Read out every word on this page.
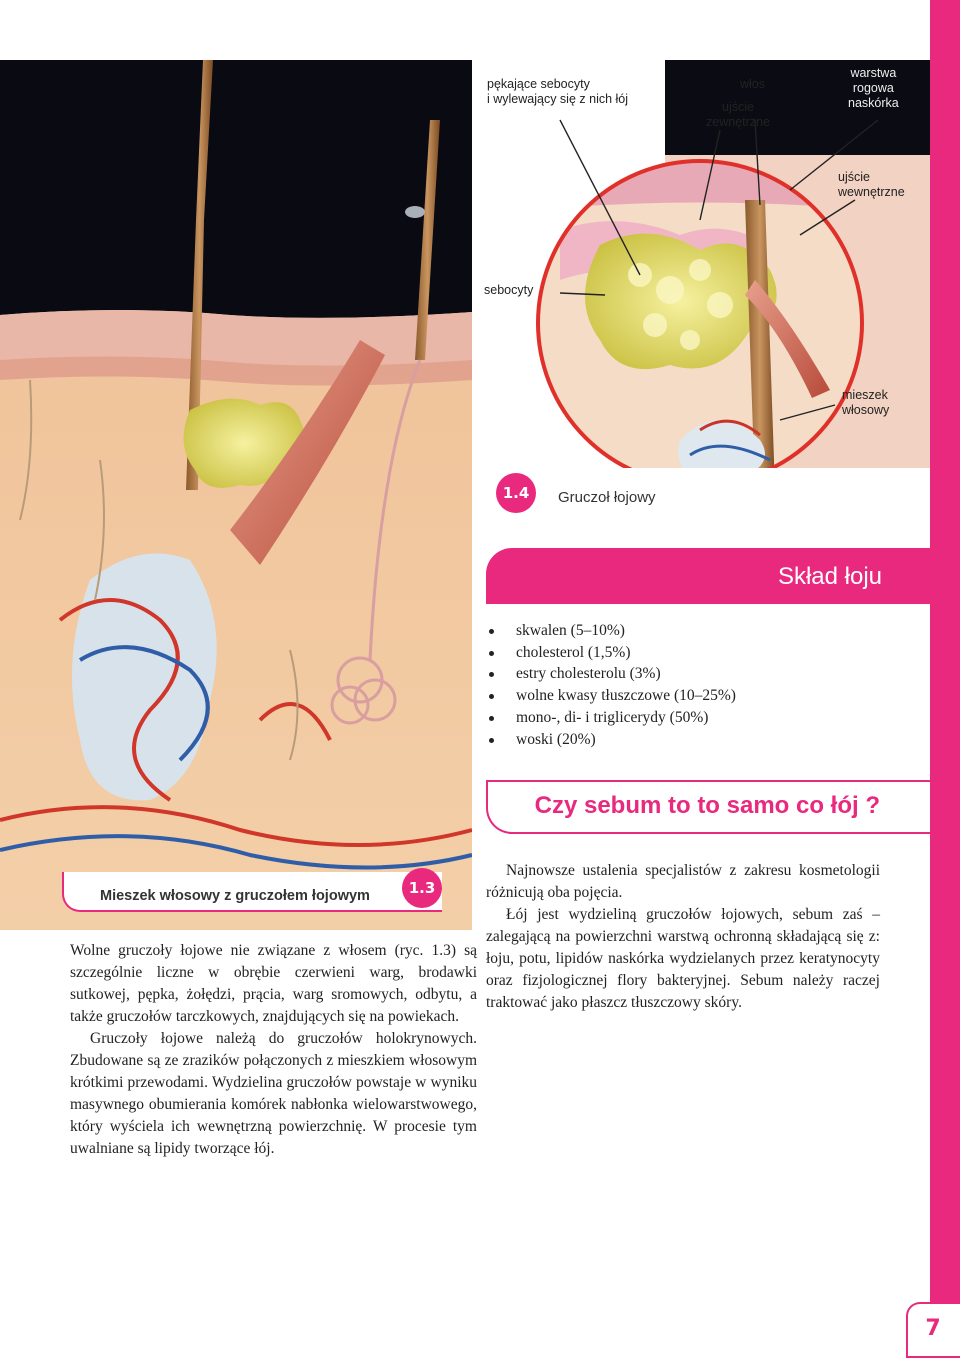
7
pękające sebocyty
i wylewający się z nich łój
włos
ujście
zewnętrzne
warstwa
rogowa
naskórka
ujście
wewnętrzne
sebocyty
mieszek
włosowy
1.4	Gruczoł łojowy
Skład łoju
skwalen (5–10%)
cholesterol (1,5%)
estry cholesterolu (3%)
wolne kwasy tłuszczowe (10–25%)
mono-, di- i triglicerydy (50%)
woski (20%)
Czy sebum to to samo co łój ?
Mieszek włosowy z gruczołem łojowym	1.3

Wolne gruczoły łojowe nie związane z włosem (ryc. 1.3) są szczególnie liczne w obrębie czerwieni warg, brodawki sutkowej, pępka, żołędzi, prącia, warg sromowych, odbytu, a także gruczołów tarczkowych, znajdujących się na powiekach.

Gruczoły łojowe należą do gruczołów holokrynowych. Zbudowane są ze zrazików połączonych z mieszkiem włosowym krótkimi przewodami. Wydzielina gruczołów powstaje w wyniku masywnego obumierania komórek nabłonka wielowarstwowego, który wyściela ich wewnętrzną powierzchnię. W procesie tym uwalniane są lipidy tworzące łój.

Najnowsze ustalenia specjalistów z zakresu kosmetologii różnicują oba pojęcia.

Łój jest wydzieliną gruczołów łojowych, sebum zaś – zalegającą na powierzchni warstwą ochronną składającą się z: łoju, potu, lipidów naskórka wydzielanych przez keratynocyty oraz fizjologicznej flory bakteryjnej. Sebum należy raczej traktować jako płaszcz tłuszczowy skóry.
